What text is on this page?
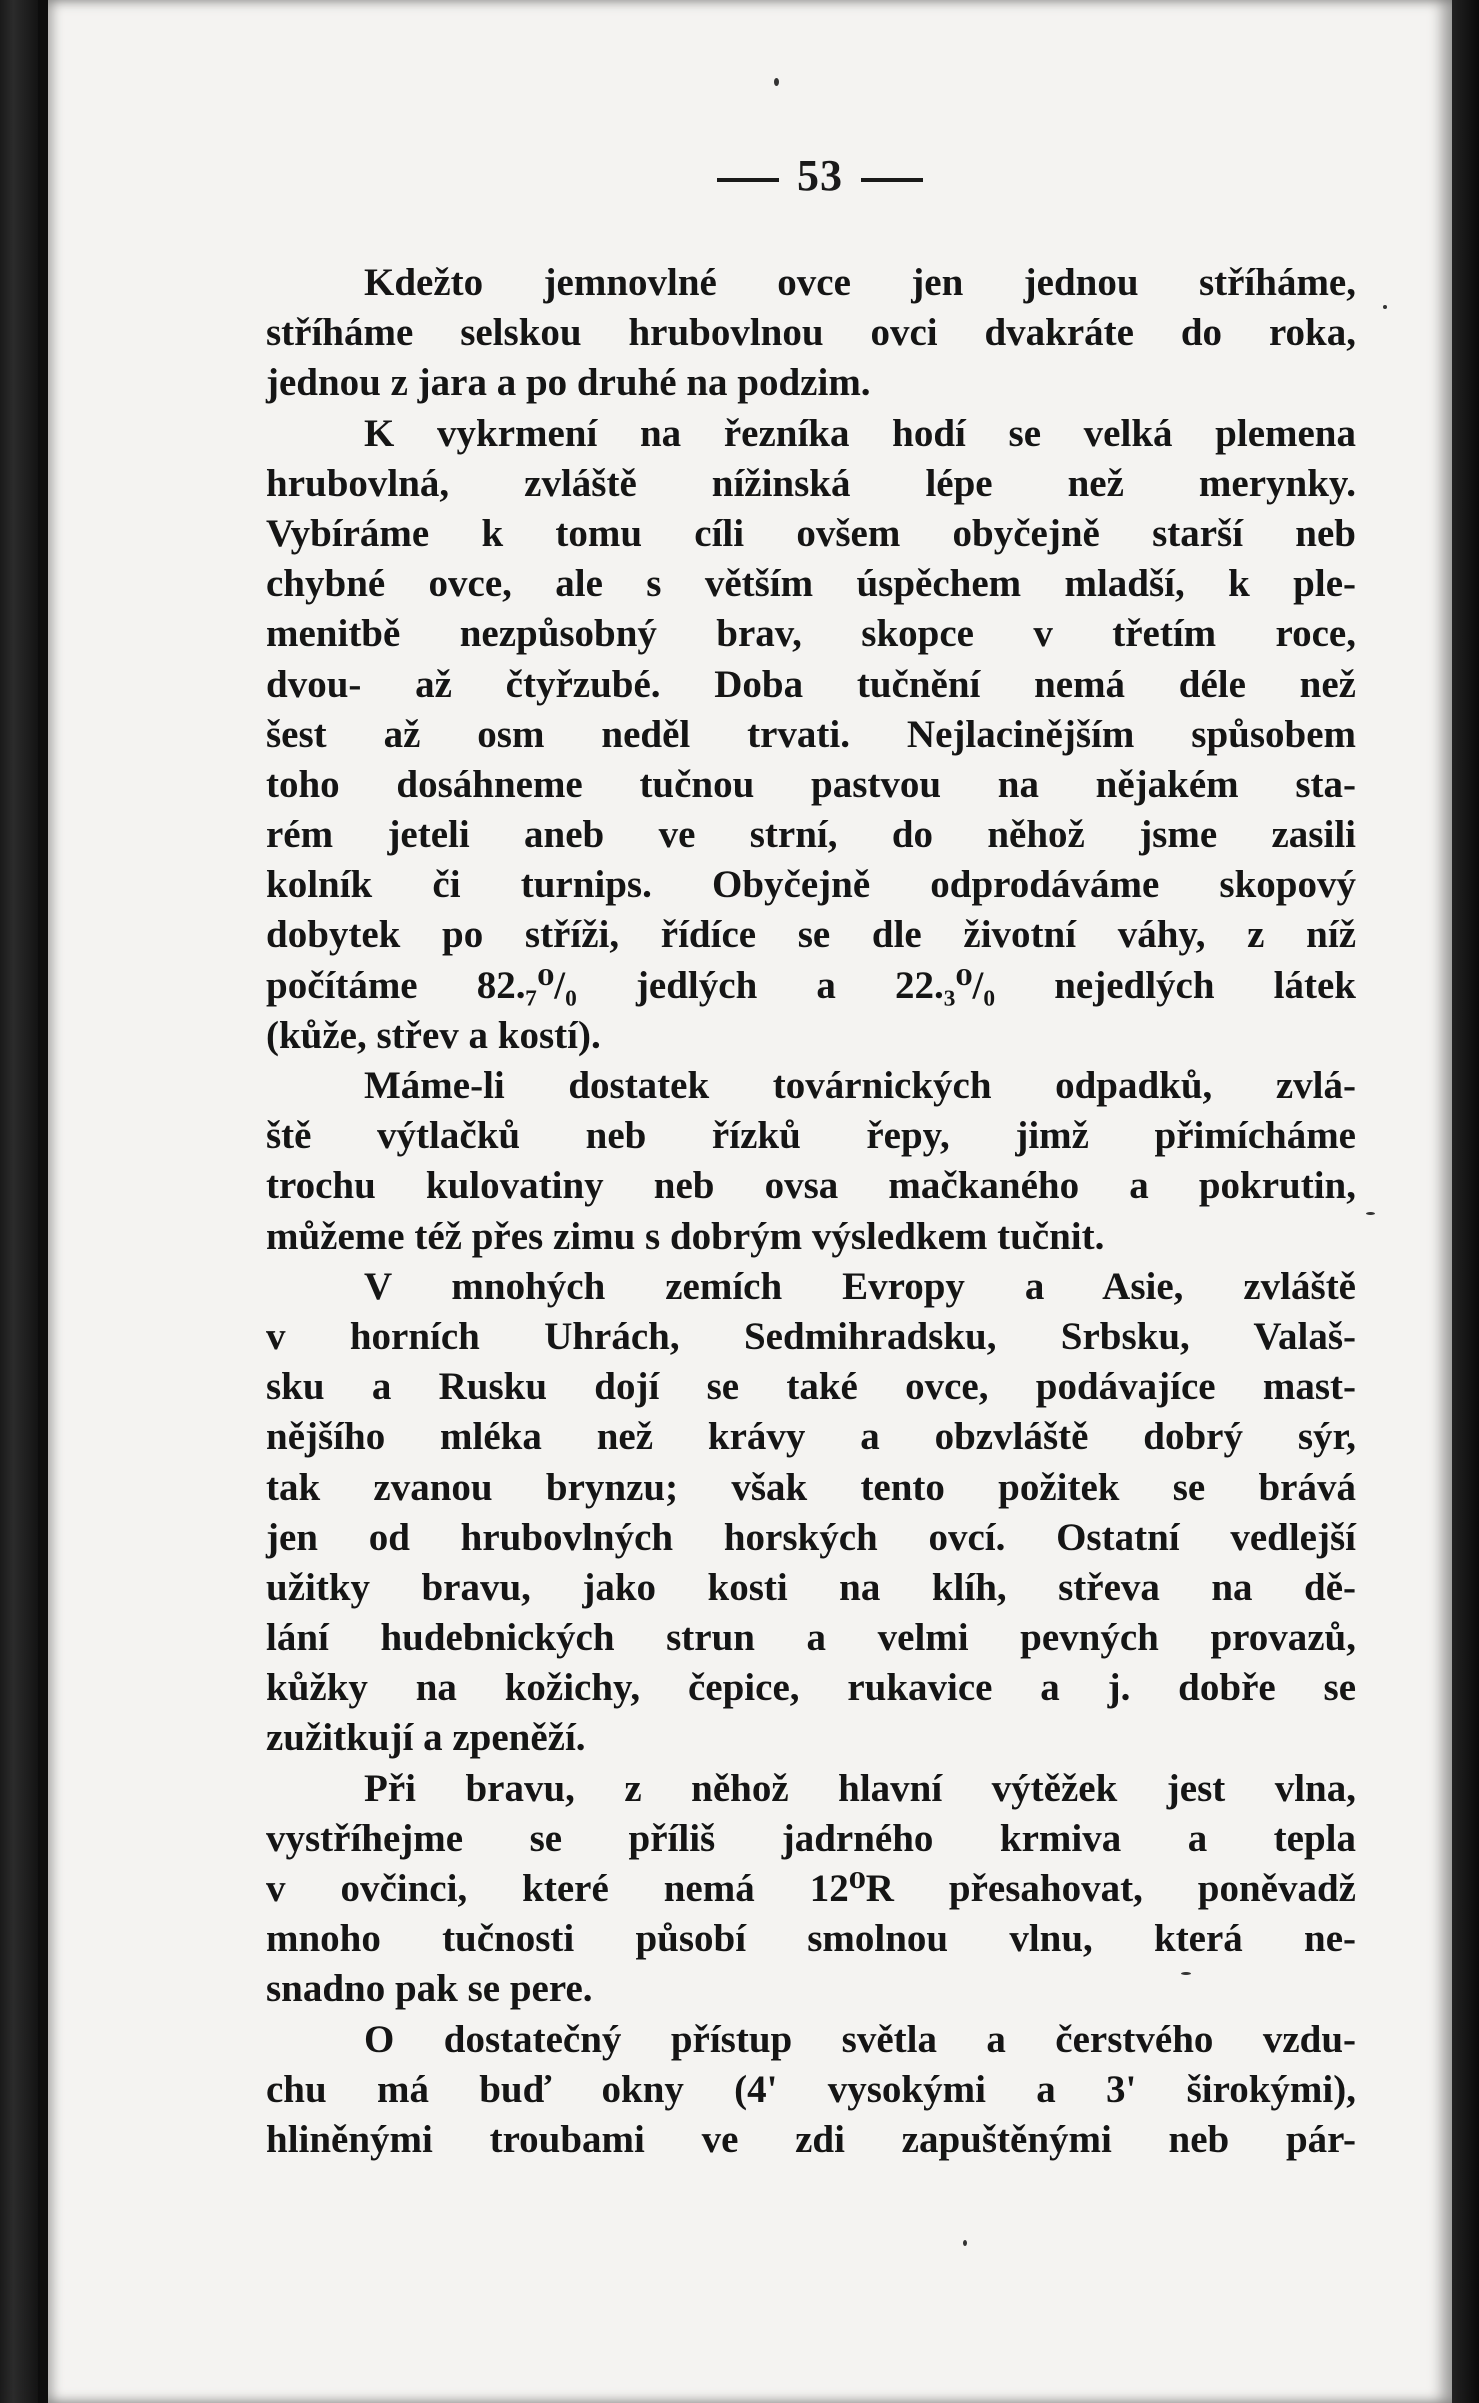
53
Kdežto jemnovlné ovce jen jednou stříháme,
stříháme selskou hrubovlnou ovci dvakráte do roka,
jednou z jara a po druhé na podzim.
K vykrmení na řezníka hodí se velká plemena
hrubovlná, zvláště nížinská lépe než merynky.
Vybíráme k tomu cíli ovšem obyčejně starší neb
chybné ovce, ale s větším úspěchem mladší, k ple-
menitbě nezpůsobný brav, skopce v třetím roce,
dvou- až čtyřzubé. Doba tučnění nemá déle než
šest až osm neděl trvati. Nejlacinějším spůsobem
toho dosáhneme tučnou pastvou na nějakém sta-
rém jeteli aneb ve strní, do něhož jsme zasili
kolník či turnips. Obyčejně odprodáváme skopový
dobytek po stříži, řídíce se dle životní váhy, z níž
počítáme 82.₇⁰/₀ jedlých a 22.₃⁰/₀ nejedlých látek
(kůže, střev a kostí).
Máme-li dostatek továrnických odpadků, zvlá-
ště výtlačků neb řízků řepy, jimž přimícháme
trochu kulovatiny neb ovsa mačkaného a pokrutin,
můžeme též přes zimu s dobrým výsledkem tučnit.
V mnohých zemích Evropy a Asie, zvláště
v horních Uhrách, Sedmihradsku, Srbsku, Valaš-
sku a Rusku dojí se také ovce, podávajíce mast-
nějšího mléka než krávy a obzvláště dobrý sýr,
tak zvanou brynzu; však tento požitek se brává
jen od hrubovlných horských ovcí. Ostatní vedlejší
užitky bravu, jako kosti na klíh, střeva na dě-
lání hudebnických strun a velmi pevných provazů,
kůžky na kožichy, čepice, rukavice a j. dobře se
zužitkují a zpeněží.
Při bravu, z něhož hlavní výtěžek jest vlna,
vystříhejme se příliš jadrného krmiva a tepla
v ovčinci, které nemá 12⁰R přesahovat, poněvadž
mnoho tučnosti působí smolnou vlnu, která ne-
snadno pak se pere.
O dostatečný přístup světla a čerstvého vzdu-
chu má buď okny (4' vysokými a 3' širokými),
hliněnými troubami ve zdi zapuštěnými neb pár-
